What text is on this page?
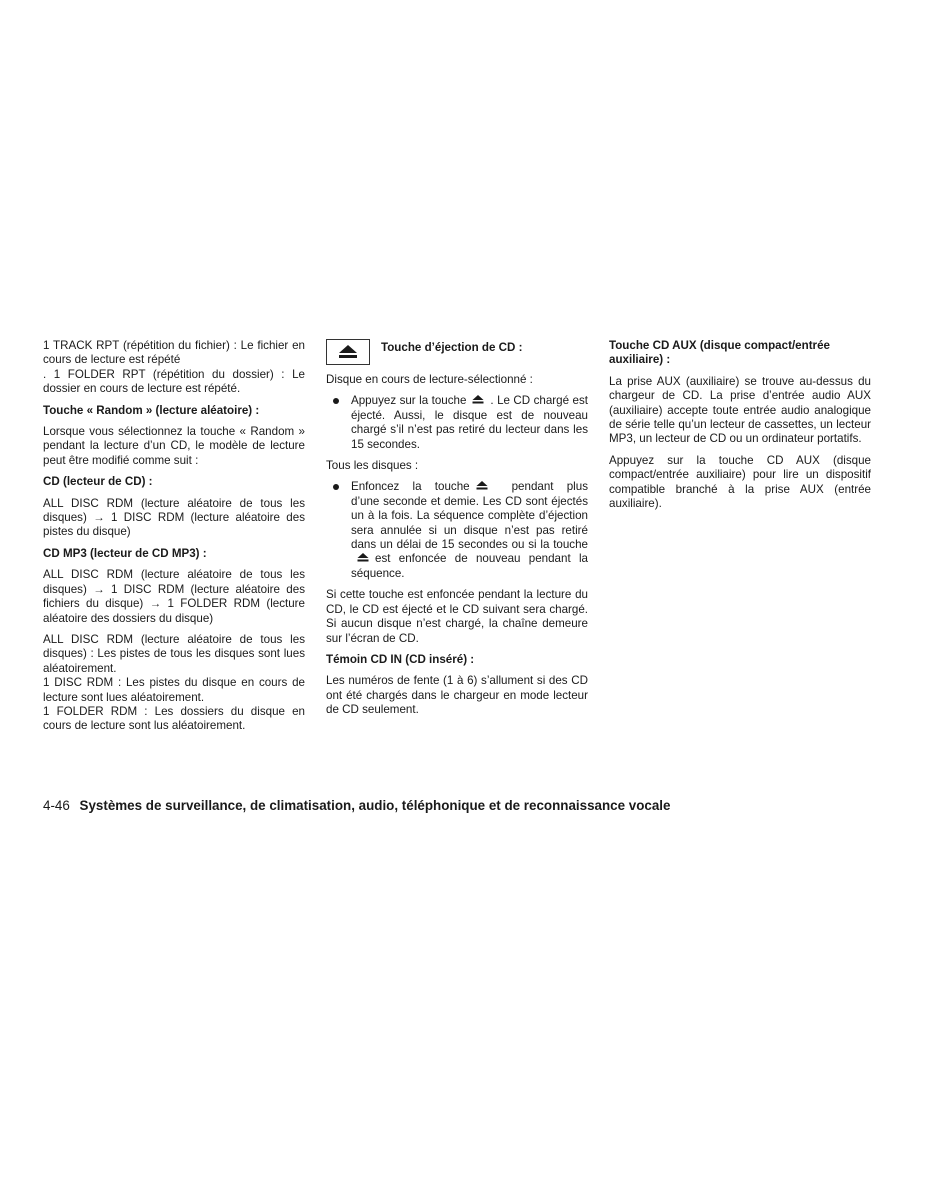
1 TRACK RPT (répétition du fichier) : Le fichier en cours de lecture est répété

. 1 FOLDER RPT (répétition du dossier) : Le dossier en cours de lecture est répété.

Touche « Random » (lecture aléatoire) :

Lorsque vous sélectionnez la touche « Random » pendant la lecture d’un CD, le modèle de lecture peut être modifié comme suit :

CD (lecteur de CD) :

ALL DISC RDM (lecture aléatoire de tous les disques) → 1 DISC RDM (lecture aléatoire des pistes du disque)

CD MP3 (lecteur de CD MP3) :

ALL DISC RDM (lecture aléatoire de tous les disques) → 1 DISC RDM (lecture aléatoire des fichiers du disque) → 1 FOLDER RDM (lecture aléatoire des dossiers du disque)

ALL DISC RDM (lecture aléatoire de tous les disques) : Les pistes de tous les disques sont lues aléatoirement.

1 DISC RDM : Les pistes du disque en cours de lecture sont lues aléatoirement.

1 FOLDER RDM : Les dossiers du disque en cours de lecture sont lus aléatoirement.

Touche d’éjection de CD :

Disque en cours de lecture-sélectionné :

Appuyez sur la touche . Le CD chargé est éjecté. Aussi, le disque est de nouveau chargé s’il n’est pas retiré du lecteur dans les 15 secondes.

Tous les disques :

Enfoncez la touche	pendant plus d’une seconde et demie. Les CD sont éjectés un à la fois. La séquence complète d’éjection sera annulée si un disque n’est pas retiré dans un délai de 15 secondes ou si la toucheest enfoncée de nouveau pendant la séquence.

Si cette touche est enfoncée pendant la lecture du CD, le CD est éjecté et le CD suivant sera chargé. Si aucun disque n’est chargé, la chaîne demeure sur l’écran de CD.

Témoin CD IN (CD inséré) :

Les numéros de fente (1 à 6) s’allument si des CD ont été chargés dans le chargeur en mode lecteur de CD seulement.

Touche CD AUX (disque compact/entrée auxiliaire) :

La prise AUX (auxiliaire) se trouve au-dessus du chargeur de CD. La prise d’entrée audio AUX (auxiliaire) accepte toute entrée audio analogique de série telle qu’un lecteur de cassettes, un lecteur MP3, un lecteur de CD ou un ordinateur portatifs.

Appuyez sur la touche CD AUX (disque compact/entrée auxiliaire) pour lire un dispositif compatible branché à la prise AUX (entrée auxiliaire).

4-46 Systèmes de surveillance, de climatisation, audio, téléphonique et de reconnaissance vocale
